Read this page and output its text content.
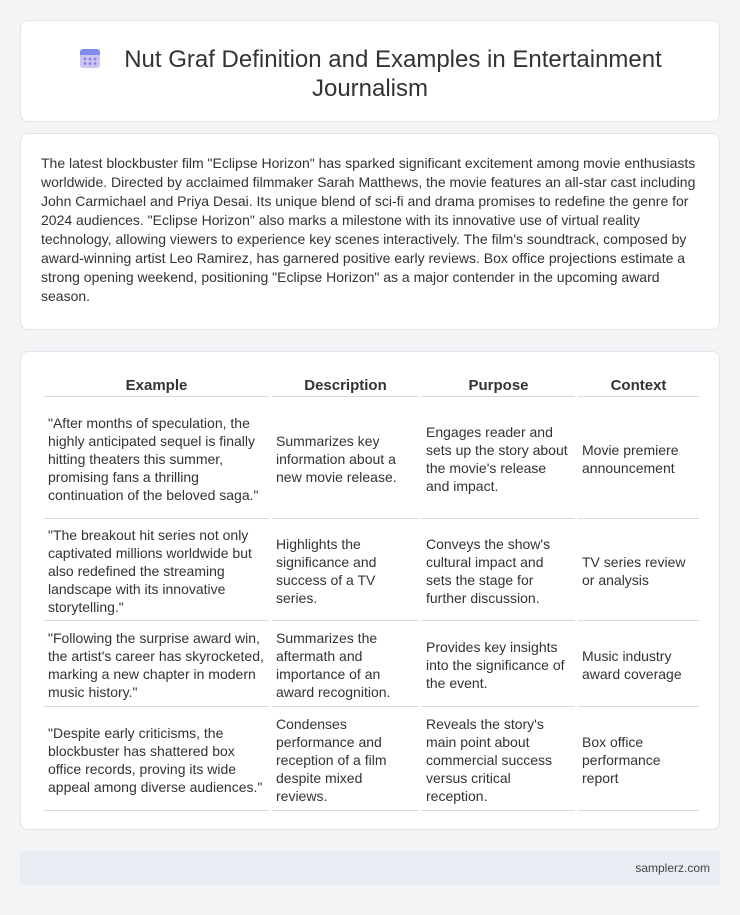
Nut Graf Definition and Examples in Entertainment Journalism

The latest blockbuster film "Eclipse Horizon" has sparked significant excitement among movie enthusiasts worldwide. Directed by acclaimed filmmaker Sarah Matthews, the movie features an all-star cast including John Carmichael and Priya Desai. Its unique blend of sci-fi and drama promises to redefine the genre for 2024 audiences. "Eclipse Horizon" also marks a milestone with its innovative use of virtual reality technology, allowing viewers to experience key scenes interactively. The film's soundtrack, composed by award-winning artist Leo Ramirez, has garnered positive early reviews. Box office projections estimate a strong opening weekend, positioning "Eclipse Horizon" as a major contender in the upcoming award season.

Example	Description	Purpose	Context
"After months of speculation, the highly anticipated sequel is finally hitting theaters this summer, promising fans a thrilling continuation of the beloved saga."	Summarizes key information about a new movie release.	Engages reader and sets up the story about the movie's release and impact.	Movie premiere announcement
"The breakout hit series not only captivated millions worldwide but also redefined the streaming landscape with its innovative storytelling."	Highlights the significance and success of a TV series.	Conveys the show's cultural impact and sets the stage for further discussion.	TV series review or analysis
"Following the surprise award win, the artist's career has skyrocketed, marking a new chapter in modern music history."	Summarizes the aftermath and importance of an award recognition.	Provides key insights into the significance of the event.	Music industry award coverage
"Despite early criticisms, the blockbuster has shattered box office records, proving its wide appeal among diverse audiences."	Condenses performance and reception of a film despite mixed reviews.	Reveals the story's main point about commercial success versus critical reception.	Box office performance report
samplerz.com
